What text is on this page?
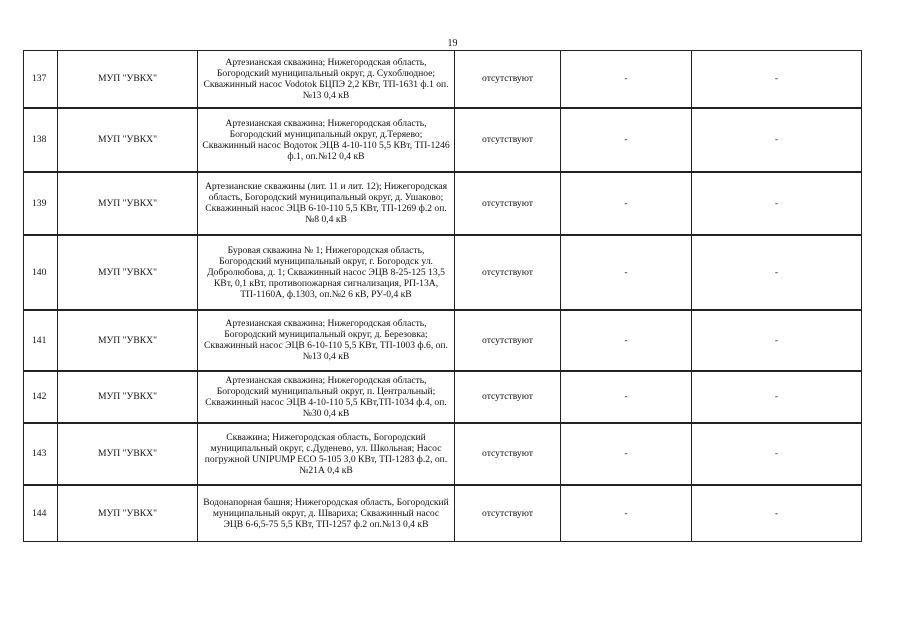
19
137	МУП "УВКХ"	Артезианская скважина; Нижегородская область, Богородский муниципальный округ, д. Сухоблюдное; Скважинный насос Vodotok БЦПЭ 2,2 КВт, ТП-1631 ф.1 оп.№13 0,4 кВ	отсутствуют	-	-
138	МУП "УВКХ"	Артезианская скважина; Нижегородская область, Богородский муниципальный округ, д.Теряево; Скважинный насос Водоток ЭЦВ 4-10-110 5,5 КВт, ТП-1246 ф.1, оп.№12 0,4 кВ	отсутствуют	-	-
139	МУП "УВКХ"	Артезианские скважины (лит. 11 и лит. 12); Нижегородская область, Богородский муниципальный округ, д. Ушаково; Скважинный насос ЭЦВ 6-10-110 5,5 КВт, ТП-1269 ф.2 оп.№8 0,4 кВ	отсутствуют	-	-
140	МУП "УВКХ"	Буровая скважина № 1; Нижегородская область, Богородский муниципальный округ, г. Богородск ул. Добролюбова, д. 1; Скважинный насос ЭЦВ 8-25-125 13,5 КВт, 0,1 кВт, противопожарная сигнализация, РП-13А, ТП-1160А, ф.1303, оп.№2 6 кВ, РУ-0,4 кВ	отсутствуют	-	-
141	МУП "УВКХ"	Артезианская скважина; Нижегородская область, Богородский муниципальный округ, д. Березовка; Скважинный насос ЭЦВ 6-10-110 5,5 КВт, ТП-1003 ф.6, оп.№13 0,4 кВ	отсутствуют	-	-
142	МУП "УВКХ"	Артезианская скважина; Нижегородская область, Богородский муниципальный округ, п. Центральный; Скважинный насос ЭЦВ 4-10-110 5,5 КВт,ТП-1034 ф.4, оп.№30 0,4 кВ	отсутствуют	-	-
143	МУП "УВКХ"	Скважина; Нижегородская область, Богородский муниципальный округ, с.Дуденево, ул. Школьная; Насос погружной UNIPUMP ECO 5-105 3,0 КВт, ТП-1283 ф.2, оп.№21А 0,4 кВ	отсутствуют	-	-
144	МУП "УВКХ"	Водонапорная башня; Нижегородская область, Богородский муниципальный округ, д. Швариха; Скважинный насос ЭЦВ 6-6,5-75 5,5 КВт, ТП-1257 ф.2 оп.№13 0,4 кВ	отсутствуют	-	-
